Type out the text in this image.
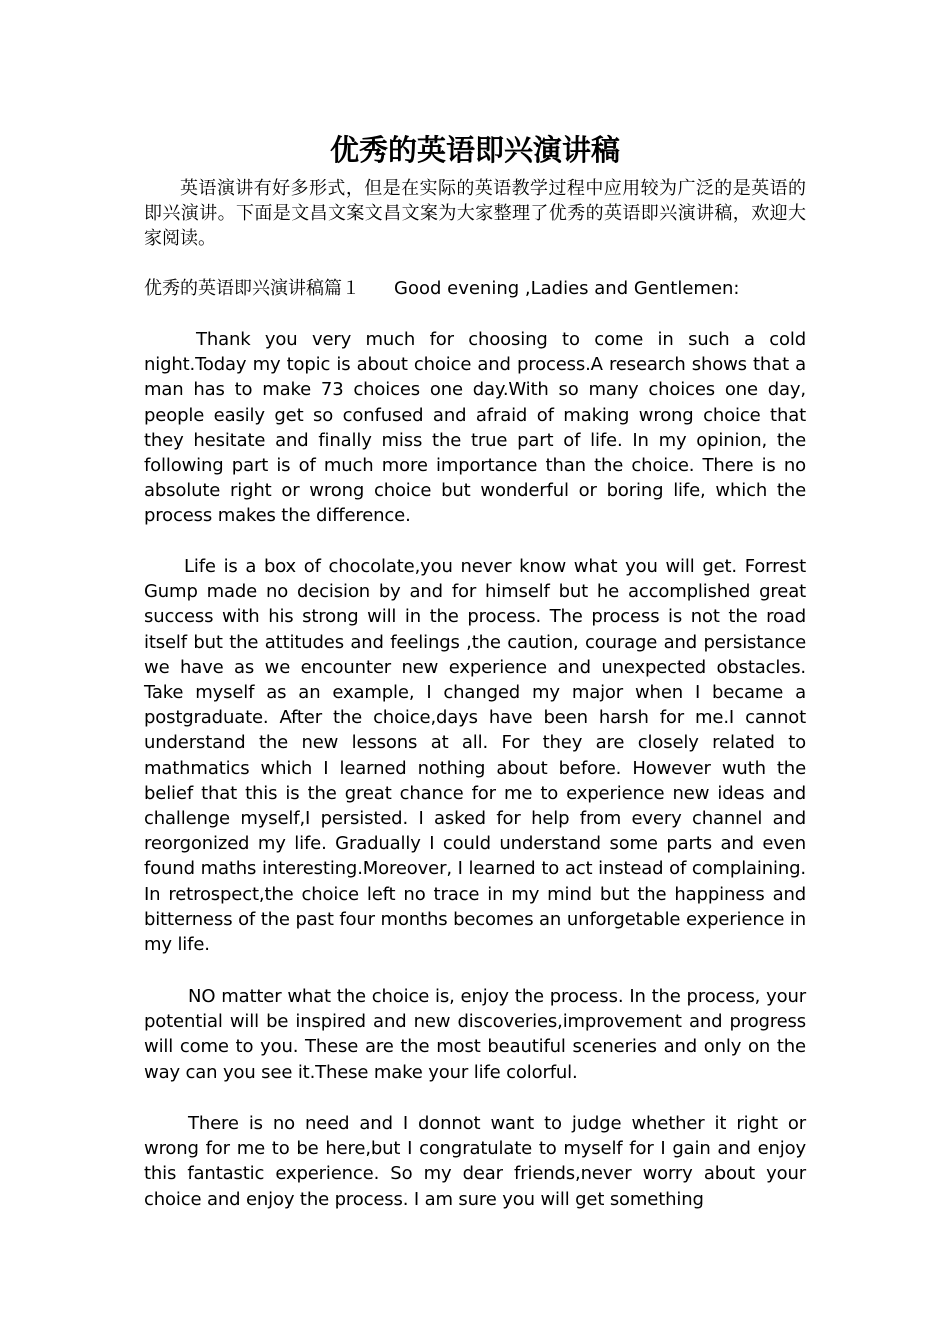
优秀的英语即兴演讲稿

英语演讲有好多形式，但是在实际的英语教学过程中应用较为广泛的是英语的即兴演讲。下面是文昌文案文昌文案为大家整理了优秀的英语即兴演讲稿，欢迎大家阅读。

优秀的英语即兴演讲稿篇１ Good evening ,Ladies and Gentlemen:

Thank you very much for choosing to come in such a cold night.Today my topic is about choice and process.A research shows that a man has to make 73 choices one day.With so many choices one day, people easily get so confused and afraid of making wrong choice that they hesitate and finally miss the true part of life. In my opinion, the following part is of much more importance than the choice. There is no absolute right or wrong choice but wonderful or boring life, which the process makes the difference.

Life is a box of chocolate,you never know what you will get. Forrest Gump made no decision by and for himself but he accomplished great success with his strong will in the process. The process is not the road itself but the attitudes and feelings ,the caution, courage and persistance we have as we encounter new experience and unexpected obstacles. Take myself as an example, I changed my major when I became a postgraduate. After the choice,days have been harsh for me.I cannot understand the new lessons at all. For they are closely related to mathmatics which I learned nothing about before. However wuth the belief that this is the great chance for me to experience new ideas and challenge myself,I persisted. I asked for help from every channel and reorgonized my life. Gradually I could understand some parts and even found maths interesting.Moreover, I learned to act instead of complaining. In retrospect,the choice left no trace in my mind but the happiness and bitterness of the past four months becomes an unforgetable experience in my life.

NO matter what the choice is, enjoy the process. In the process, your potential will be inspired and new discoveries,improvement and progress will come to you. These are the most beautiful sceneries and only on the way can you see it.These make your life colorful.

There is no need and I donnot want to judge whether it right or wrong for me to be here,but I congratulate to myself for I gain and enjoy this fantastic experience. So my dear friends,never worry about your choice and enjoy the process. I am sure you will get something
